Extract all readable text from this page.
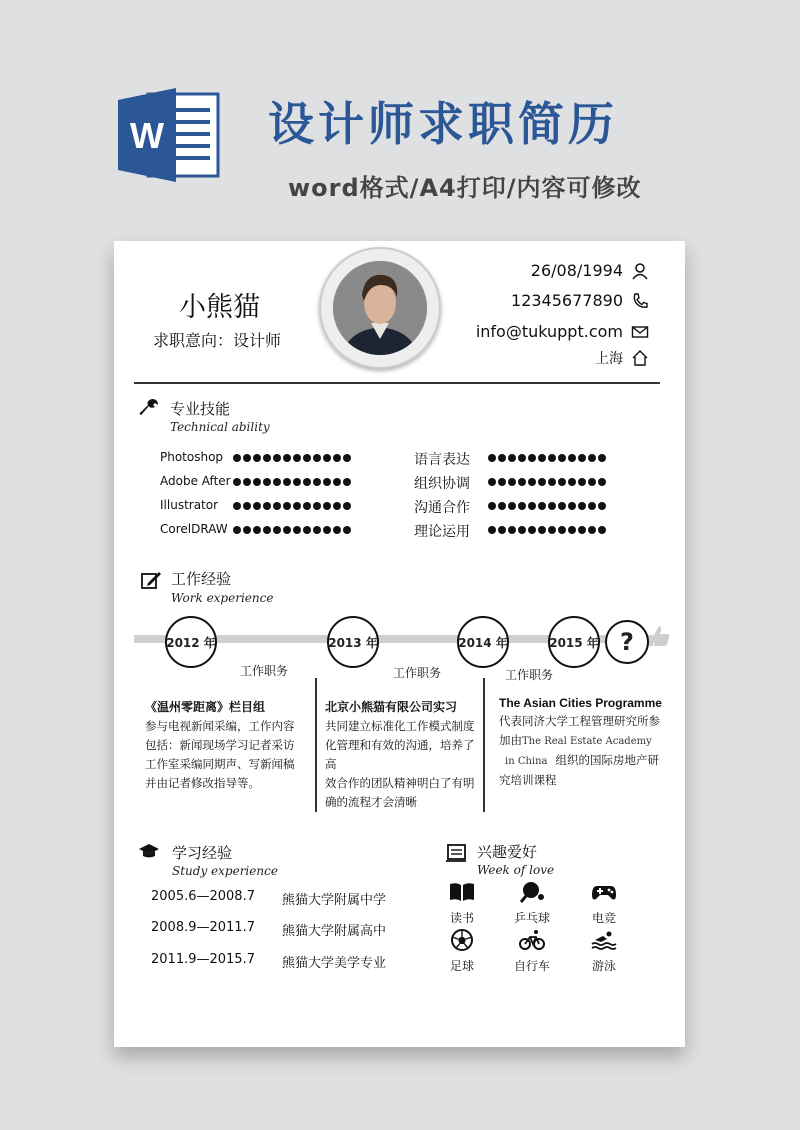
W 设计师求职简历
word格式/A4打印/内容可修改
小熊猫
求职意向：设计师
26/08/1994
12345677890
info@tukuppt.com
上海
专业技能
Technical ability
Photoshop
Adobe After
Illustrator
CorelDRAW
语言表达
组织协调
沟通合作
理论运用
工作经验
Work experience
2012 年	2013 年	2014 年	2015 年 ?
工作职务	工作职务	工作职务
《温州零距离》栏目组
参与电视新闻采编，工作内容
包括：新闻现场学习记者采访
工作室采编同期声、写新闻稿
并由记者修改指导等。
北京小熊猫有限公司实习
共同建立标准化工作模式制度
化管理和有效的沟通，培养了高
效合作的团队精神明白了有明
确的流程才会清晰
The Asian Cities Programme
代表同济大学工程管理研究所参
加由The Real Estate Academy
in China 组织的国际房地产研
究培训课程
学习经验
Study experience
2005.6—2008.7 熊猫大学附属中学
2008.9—2011.7 熊猫大学附属高中
2011.9—2015.7 熊猫大学美学专业
兴趣爱好
Week of love
读书	乒乓球	电竞
足球	自行车	游泳
